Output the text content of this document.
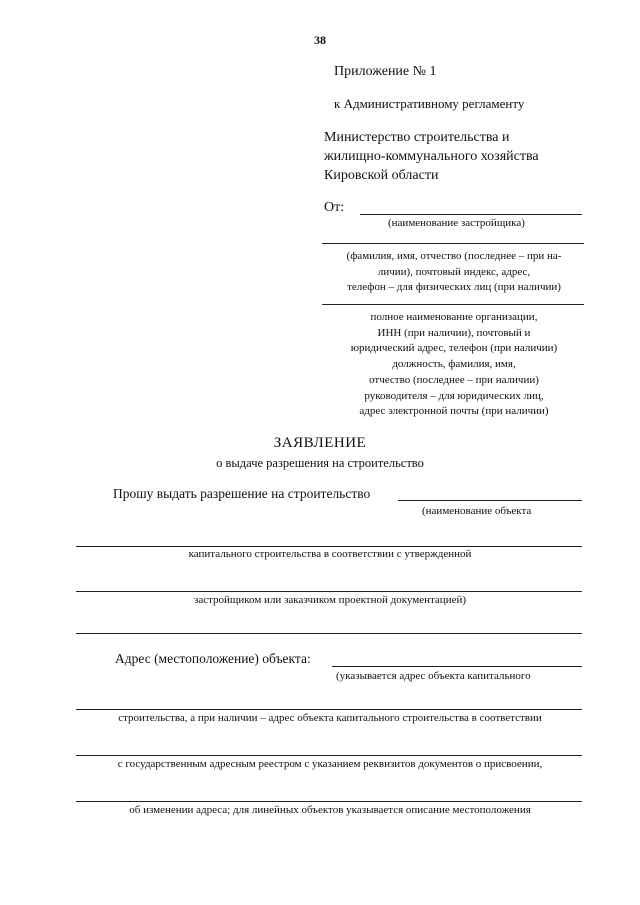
38
Приложение № 1
к Административному регламенту
Министерство строительства и
жилищно-коммунального хозяйства
Кировской области
От:
(наименование застройщика)
(фамилия, имя, отчество (последнее – при на-
личии), почтовый индекс, адрес,
телефон – для физических лиц (при наличии)
полное наименование организации,
ИНН (при наличии), почтовый и
юридический адрес, телефон (при наличии)
должность, фамилия, имя,
отчество (последнее – при наличии)
руководителя – для юридических лиц,
адрес электронной почты (при наличии)
ЗАЯВЛЕНИЕ
о выдаче разрешения на строительство
Прошу выдать разрешение на строительство
(наименование объекта
капитального строительства в соответствии с утвержденной
застройщиком или заказчиком проектной документацией)
Адрес (местоположение) объекта:
(указывается адрес объекта капитального
строительства, а при наличии – адрес объекта капитального строительства в соответствии
с государственным адресным реестром с указанием реквизитов документов о присвоении,
об изменении адреса; для линейных объектов указывается описание местоположения
